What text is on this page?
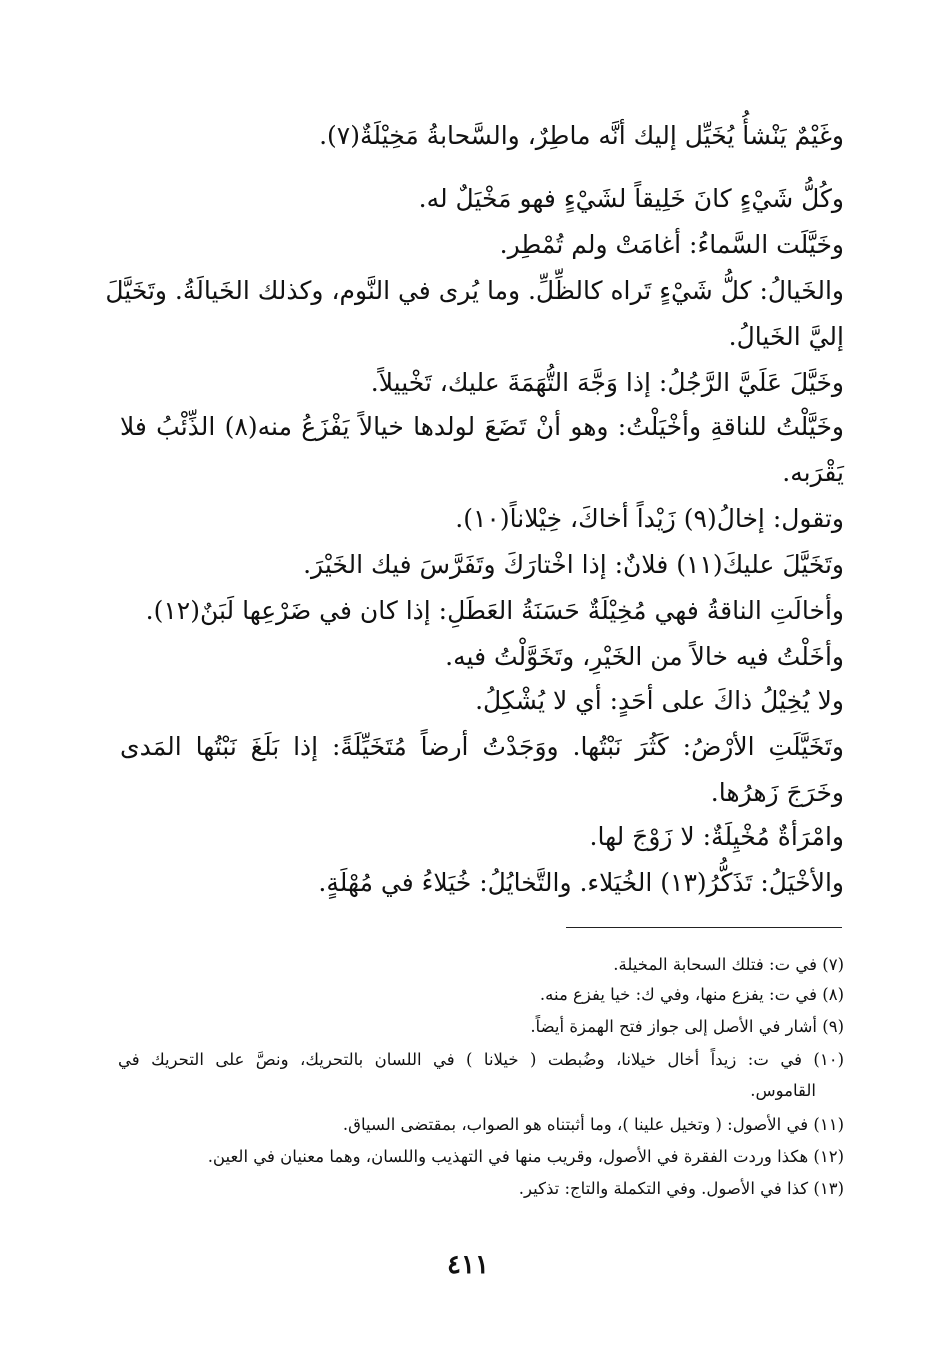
وغَيْمٌ يَنْشأُ يُخَيِّل إليك أنَّه ماطِرٌ، والسَّحابةُ مَخِيْلَةٌ(٧).
وكُلُّ شَيْءٍ كانَ خَلِيقاً لشَيْءٍ فهو مَخْيَلٌ له.
وخَيَّلَت السَّماءُ: أغامَتْ ولم تُمْطِر.
والخَيالُ: كلُّ شَيْءٍ تَراه كالظِّلِّ. وما يُرى في النَّوم، وكذلك الخَيالَةُ. وتَخَيَّلَ
إليَّ الخَيالُ.
وخَيَّلَ عَلَيَّ الرَّجُلُ: إذا وَجَّهَ التُّهَمَةَ عليك، تَخْييلاً.
وخَيَّلْتُ للناقةِ وأخْيَلْتُ: وهو أنْ تَضَعَ لولدها خيالاً يَفْزَعُ منه(٨) الذِّئْبُ فلا
يَقْرَبه.
وتقول: إخالُ(٩) زَيْداً أخاكَ، خِيْلاناً(١٠).
وتَخَيَّلَ عليكَ(١١) فلانٌ: إذا اخْتارَكَ وتَفَرَّسَ فيك الخَيْرَ.
وأخالَتِ الناقةُ فهي مُخِيْلَةٌ حَسَنَةُ العَطَلِ: إذا كان في ضَرْعِها لَبَنٌ(١٢).
وأخَلْتُ فيه خالاً من الخَيْرِ، وتَخَوَّلْتُ فيه.
ولا يُخِيْلُ ذاكَ على أحَدٍ: أي لا يُشْكِلُ.
وتَخَيَّلَتِ الأرْضُ: كَثُرَ نَبْتُها. ووَجَدْتُ أرضاً مُتَخَيِّلَةً: إذا بَلَغَ نَبْتُها المَدى
وخَرَجَ زَهرُها.
وامْرَأةٌ مُخْيِلَةٌ: لا زَوْجَ لها.
والأخْيَلُ: تَذَكُّرُ(١٣) الخُيَلاء. والتَّخايُلُ: خُيَلاءُ في مُهْلَةٍ.
(٧) في ت: فتلك السحابة المخيلة.
(٨) في ت: يفزع منها، وفي ك: خيا يفزع منه.
(٩) أشار في الأصل إلى جواز فتح الهمزة أيضاً.
(١٠) في ت: زيداً أخال خيلانا، وضُبطت ( خيلانا ) في اللسان بالتحريك، ونصَّ على التحريك في
القاموس.
(١١) في الأصول: ( وتخيل علينا )، وما أثبتناه هو الصواب، بمقتضى السياق.
(١٢) هكذا وردت الفقرة في الأصول، وقريب منها في التهذيب واللسان، وهما معنيان في العين.
(١٣) كذا في الأصول. وفي التكملة والتاج: تذكير.
٤١١
